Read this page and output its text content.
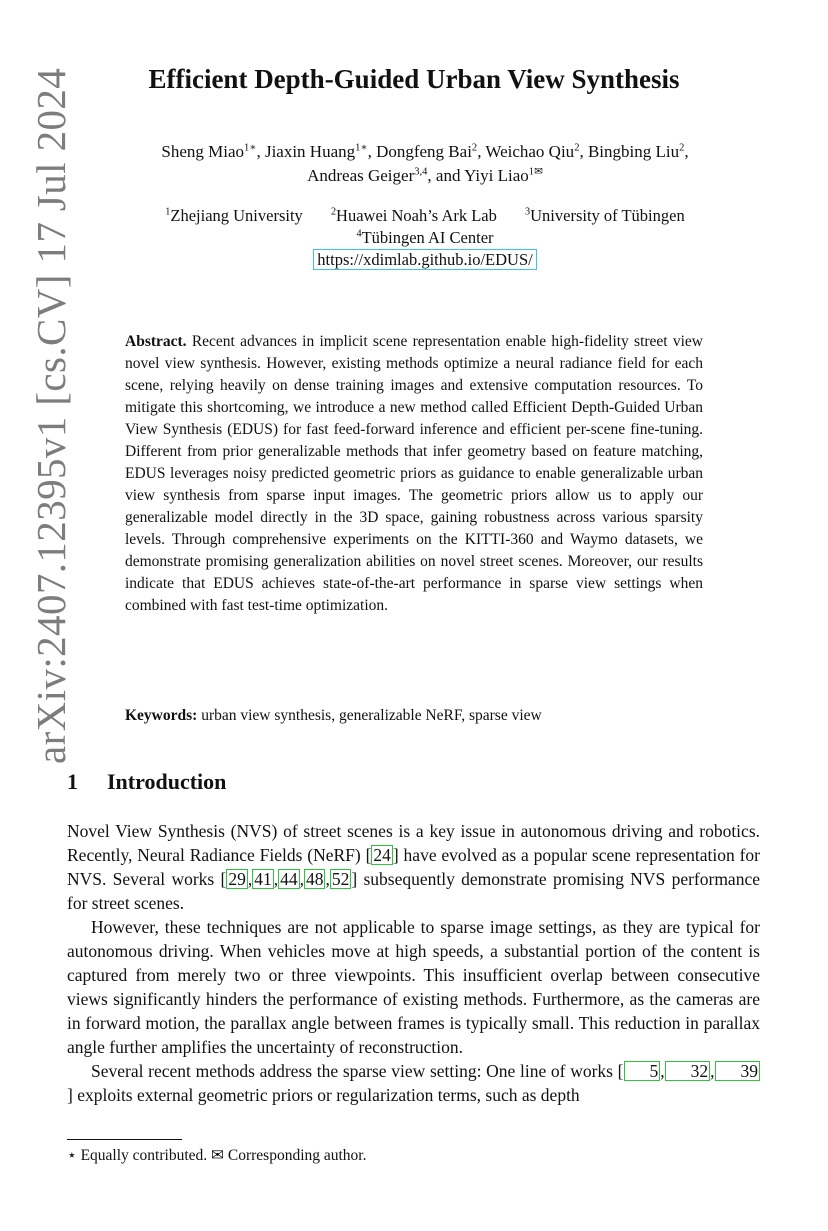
arXiv:2407.12395v1 [cs.CV] 17 Jul 2024	Efficient Depth-Guided Urban View Synthesis
Sheng Miao$^{1∗}$, Jiaxin Huang$^{1∗}$, Dongfeng Bai$^2$, Weichao Qiu$^2$, Bingbing Liu$^2$,
Andreas Geiger$^{3,4}$, and Yiyi Liao$^{1✉}$
$^1$Zhejiang University	$^2$Huawei Noah’s Ark Lab	$^3$University of Tübingen
$^4$Tübingen AI Center
https://xdimlab.github.io/EDUS/
Abstract. Recent advances in implicit scene representation enable high-fidelity street view novel view synthesis. However, existing methods optimize a neural radiance field for each scene, relying heavily on dense training images and extensive computation resources. To mitigate this shortcoming, we introduce a new method called Efficient Depth-Guided Urban View Synthesis (EDUS) for fast feed-forward inference and efficient per-scene fine-tuning. Different from prior generalizable methods that infer geometry based on feature matching, EDUS leverages noisy predicted geometric priors as guidance to enable generalizable urban view synthesis from sparse input images. The geometric priors allow us to apply our generalizable model directly in the 3D space, gaining robustness across various sparsity levels. Through comprehensive experiments on the KITTI-360 and Waymo datasets, we demonstrate promising generalization abilities on novel street scenes. Moreover, our results indicate that EDUS achieves state-of-the-art performance in sparse view settings when combined with fast test-time optimization.
Keywords: urban view synthesis, generalizable NeRF, sparse view
1 Introduction

Novel View Synthesis (NVS) of street scenes is a key issue in autonomous driving and robotics. Recently, Neural Radiance Fields (NeRF) [ 24 ] have evolved as a popular scene representation for NVS. Several works [ 29 , 41 , 44 , 48 , 52 ] subsequently demonstrate promising NVS performance for street scenes.

However, these techniques are not applicable to sparse image settings, as they are typical for autonomous driving. When vehicles move at high speeds, a substantial portion of the content is captured from merely two or three viewpoints. This insufficient overlap between consecutive views significantly hinders the performance of existing methods. Furthermore, as the cameras are in forward motion, the parallax angle between frames is typically small. This reduction in parallax angle further amplifies the uncertainty of reconstruction.

Several recent methods address the sparse view setting: One line of works [ 5 , 32 , 39] exploits external geometric priors or regularization terms, such as depth

⋆ Equally contributed. ✉ Corresponding author.
